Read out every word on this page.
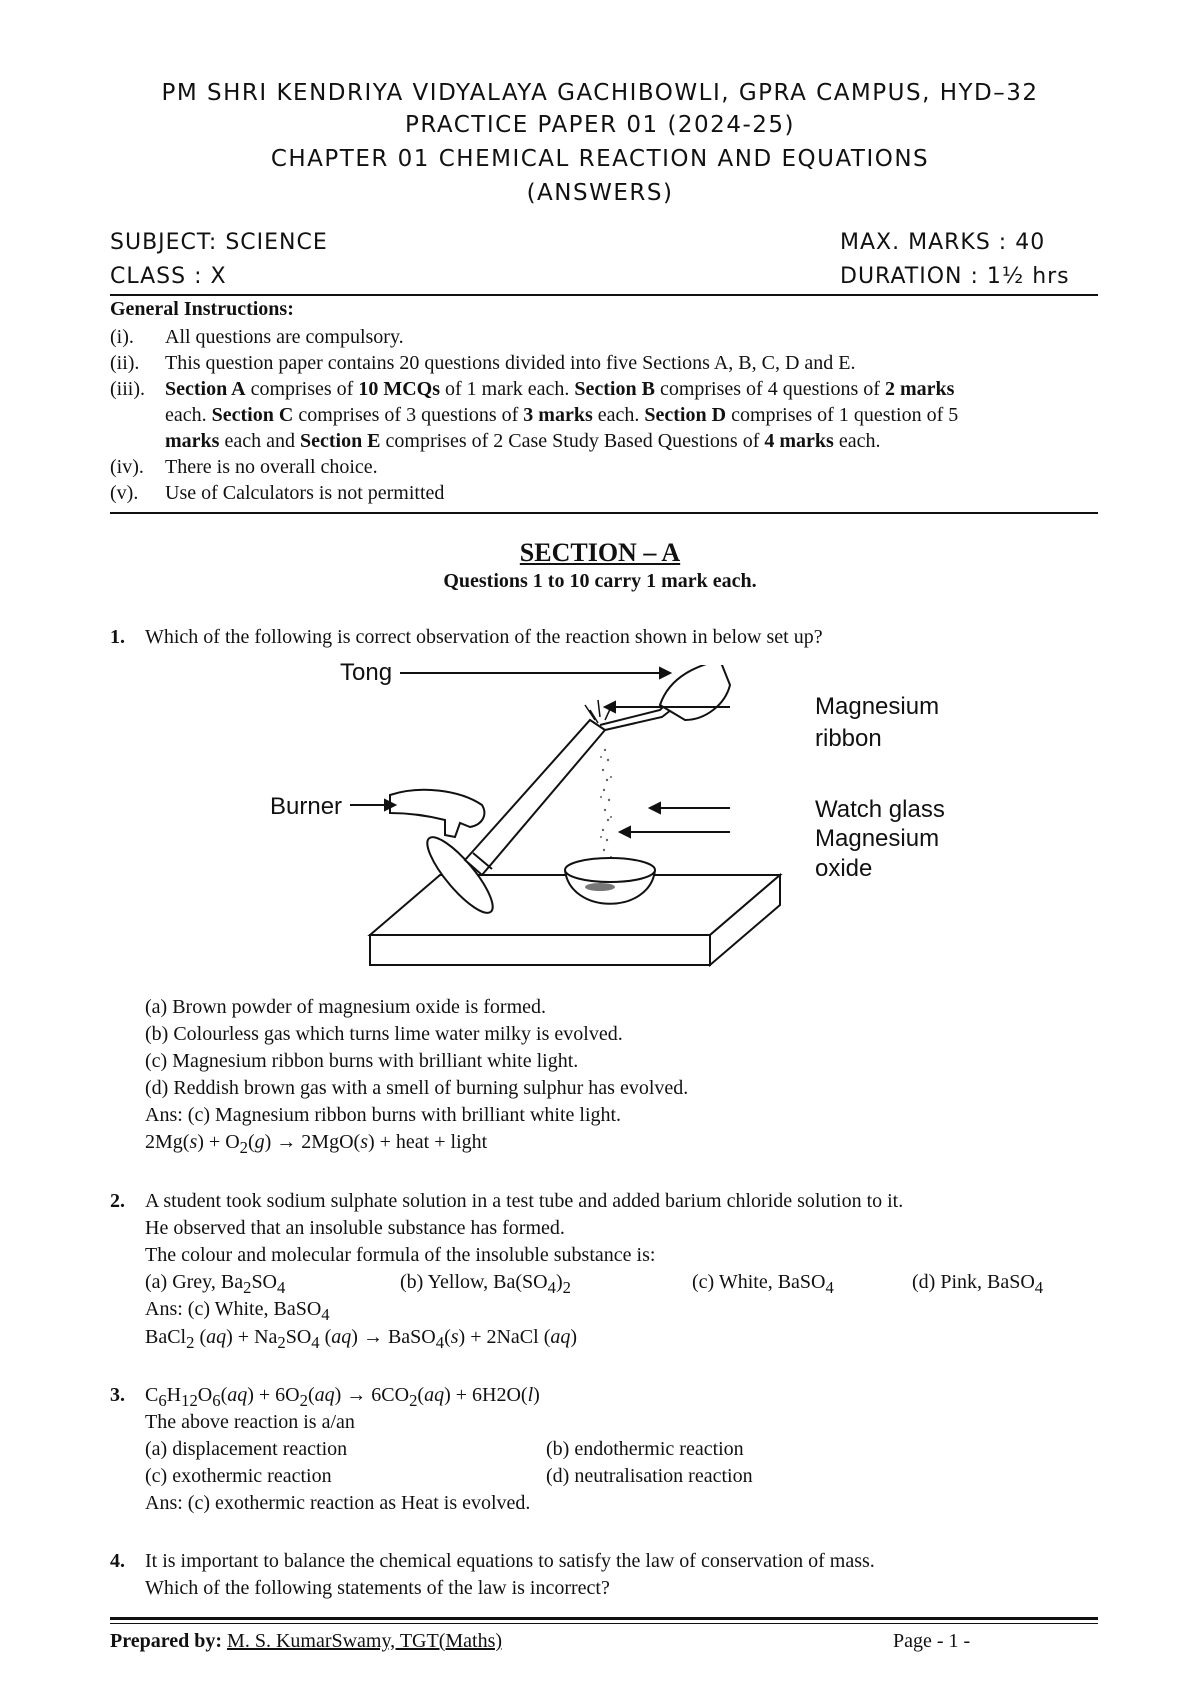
PM SHRI KENDRIYA VIDYALAYA GACHIBOWLI, GPRA CAMPUS, HYD–32
PRACTICE PAPER 01 (2024-25)
CHAPTER 01 CHEMICAL REACTION AND EQUATIONS
(ANSWERS)
SUBJECT: SCIENCE	MAX. MARKS : 40
CLASS : X	DURATION : 1½ hrs
General Instructions:
(i). All questions are compulsory.
(ii). This question paper contains 20 questions divided into five Sections A, B, C, D and E.
(iii). Section A comprises of 10 MCQs of 1 mark each. Section B comprises of 4 questions of 2 marks
each. Section C comprises of 3 questions of 3 marks each. Section D comprises of 1 question of 5
marks each and Section E comprises of 2 Case Study Based Questions of 4 marks each.
(iv). There is no overall choice.
(v). Use of Calculators is not permitted
SECTION – A
Questions 1 to 10 carry 1 mark each.
1. Which of the following is correct observation of the reaction shown in below set up?
Tong
Magnesium
ribbon
Burner	Watch glass
Magnesium
oxide
(a) Brown powder of magnesium oxide is formed.
(b) Colourless gas which turns lime water milky is evolved.
(c) Magnesium ribbon burns with brilliant white light.
(d) Reddish brown gas with a smell of burning sulphur has evolved.
Ans: (c) Magnesium ribbon burns with brilliant white light.
$2Mg(s) + O_2(g) \to 2MgO(s)$ + heat + light
2. A student took sodium sulphate solution in a test tube and added barium chloride solution to it.
He observed that an insoluble substance has formed.
The colour and molecular formula of the insoluble substance is:
(a) Grey, $Ba_2SO_4$	(b) Yellow, $Ba(SO_4)_2$	(c) White, BaSO$_4$	(d) Pink, BaSO$_4$
Ans: (c) White, BaSO$_4$
BaCl$_2$ $(aq) + Na_2SO_4$ (aq) → BaSO$_4$(s) + 2NaCl (aq)
3. $C_6H_{12}O_6(aq) + 6O_2(aq) \to 6CO_2(aq) + 6H2O(l)$
The above reaction is a/an
(a) displacement reaction	(b) endothermic reaction
(c) exothermic reaction	(d) neutralisation reaction
Ans: (c) exothermic reaction as Heat is evolved.
4. It is important to balance the chemical equations to satisfy the law of conservation of mass.
Which of the following statements of the law is incorrect?
Prepared by: M. S. KumarSwamy, TGT(Maths)	Page - 1 -
